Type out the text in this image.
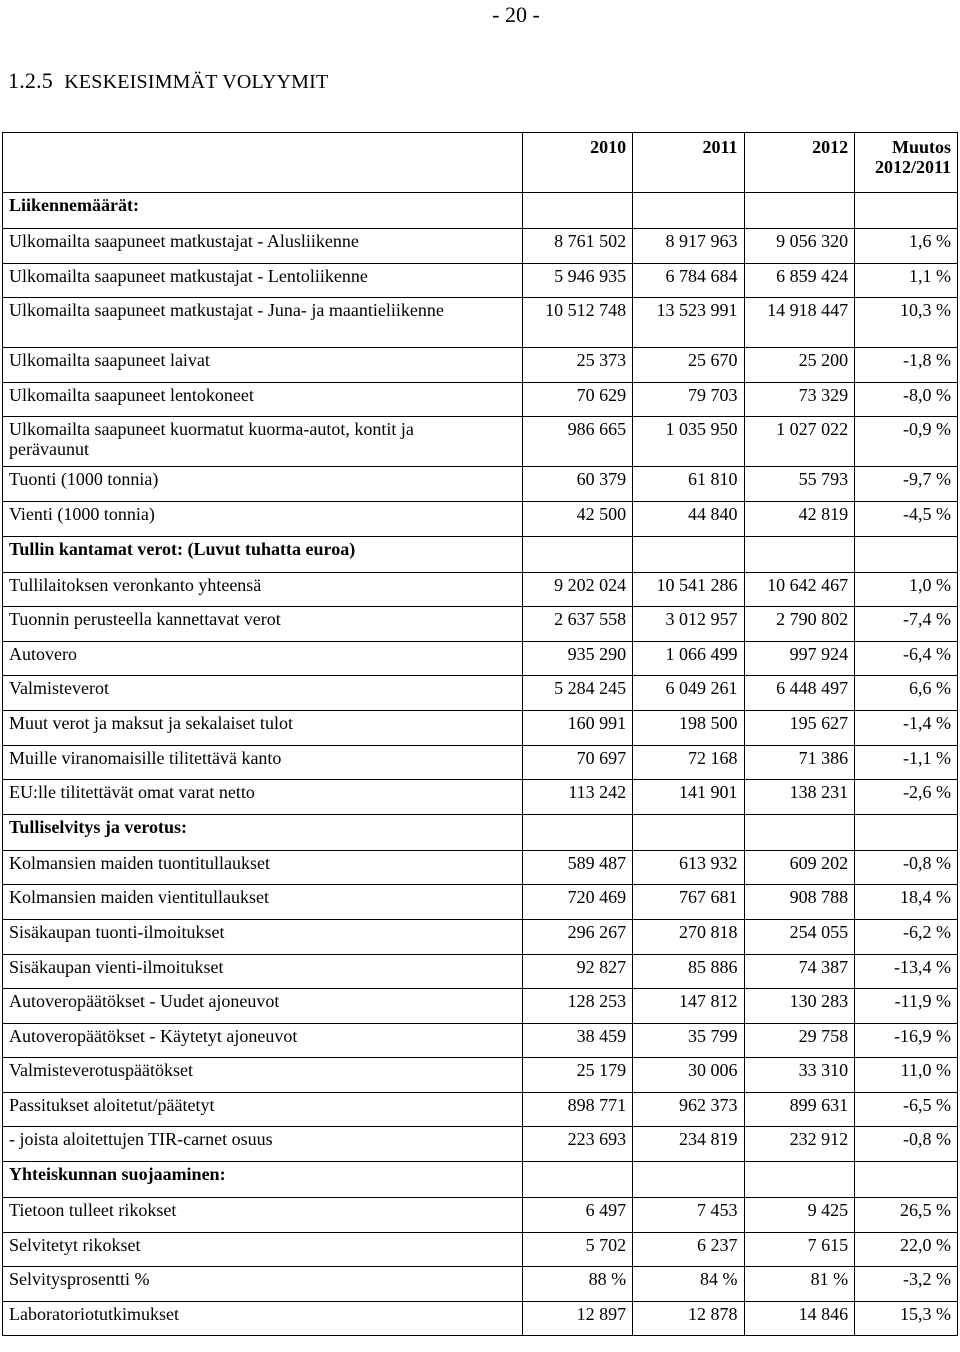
- 20 -
1.2.5 KESKEISIMMÄT VOLYYMIT
	2010	2011	2012	Muutos 2012/2011
Liikennemäärät:				
Ulkomailta saapuneet matkustajat - Alusliikenne	8 761 502	8 917 963	9 056 320	1,6 %
Ulkomailta saapuneet matkustajat - Lentoliikenne	5 946 935	6 784 684	6 859 424	1,1 %
Ulkomailta saapuneet matkustajat - Juna- ja maantieliikenne	10 512 748	13 523 991	14 918 447	10,3 %
Ulkomailta saapuneet laivat	25 373	25 670	25 200	-1,8 %
Ulkomailta saapuneet lentokoneet	70 629	79 703	73 329	-8,0 %
Ulkomailta saapuneet kuormatut kuorma-autot, kontit ja perävaunut	986 665	1 035 950	1 027 022	-0,9 %
Tuonti (1000 tonnia)	60 379	61 810	55 793	-9,7 %
Vienti (1000 tonnia)	42 500	44 840	42 819	-4,5 %
Tullin kantamat verot: (Luvut tuhatta euroa)				
Tullilaitoksen veronkanto yhteensä	9 202 024	10 541 286	10 642 467	1,0 %
Tuonnin perusteella kannettavat verot	2 637 558	3 012 957	2 790 802	-7,4 %
Autovero	935 290	1 066 499	997 924	-6,4 %
Valmisteverot	5 284 245	6 049 261	6 448 497	6,6 %
Muut verot ja maksut ja sekalaiset tulot	160 991	198 500	195 627	-1,4 %
Muille viranomaisille tilitettävä kanto	70 697	72 168	71 386	-1,1 %
EU:lle tilitettävät omat varat netto	113 242	141 901	138 231	-2,6 %
Tulliselvitys ja verotus:				
Kolmansien maiden tuontitullaukset	589 487	613 932	609 202	-0,8 %
Kolmansien maiden vientitullaukset	720 469	767 681	908 788	18,4 %
Sisäkaupan tuonti-ilmoitukset	296 267	270 818	254 055	-6,2 %
Sisäkaupan vienti-ilmoitukset	92 827	85 886	74 387	-13,4 %
Autoveropäätökset - Uudet ajoneuvot	128 253	147 812	130 283	-11,9 %
Autoveropäätökset - Käytetyt ajoneuvot	38 459	35 799	29 758	-16,9 %
Valmisteverotuspäätökset	25 179	30 006	33 310	11,0 %
Passitukset aloitetut/päätetyt	898 771	962 373	899 631	-6,5 %
- joista aloitettujen TIR-carnet osuus	223 693	234 819	232 912	-0,8 %
Yhteiskunnan suojaaminen:				
Tietoon tulleet rikokset	6 497	7 453	9 425	26,5 %
Selvitetyt rikokset	5 702	6 237	7 615	22,0 %
Selvitysprosentti %	88 %	84 %	81 %	-3,2 %
Laboratoriotutkimukset	12 897	12 878	14 846	15,3 %
